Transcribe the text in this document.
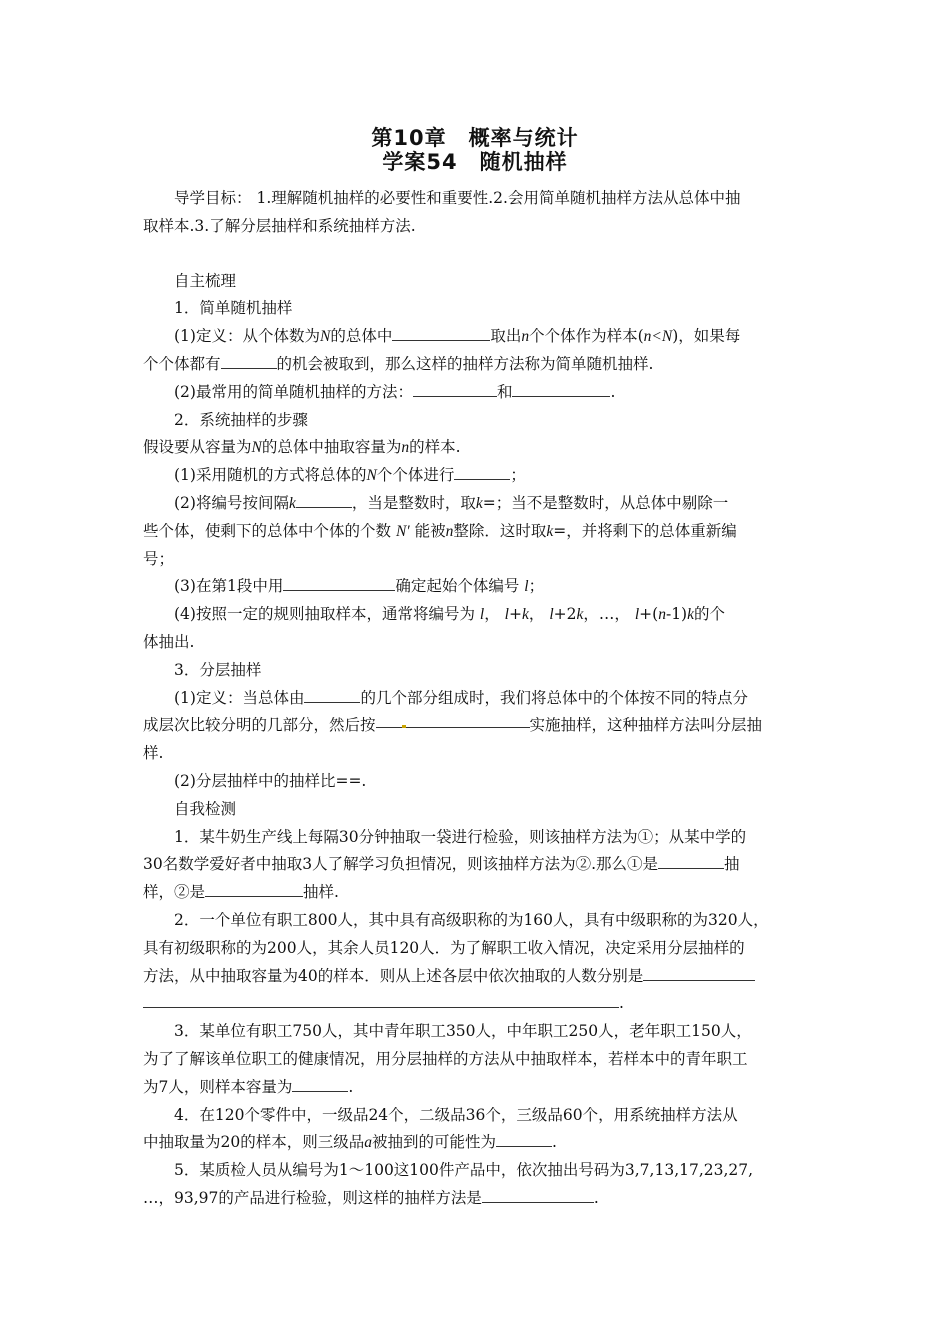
第10章　概率与统计
学案54　随机抽样

导学目标： 1.理解随机抽样的必要性和重要性.2.会用简单随机抽样方法从总体中抽

取样本.3.了解分层抽样和系统抽样方法.

自主梳理

1．简单随机抽样

(1)定义：从个体数为N的总体中	取出n个个体作为样本(n<N)，如果每

个个体都有	的机会被取到，那么这样的抽样方法称为简单随机抽样.

(2)最常用的简单随机抽样的方法：	和	.

2．系统抽样的步骤

假设要从容量为N的总体中抽取容量为n的样本.

(1)采用随机的方式将总体的N个个体进行	；

(2)将编号按间隔k	，当是整数时，取k=；当不是整数时，从总体中剔除一

些个体，使剩下的总体中个体的个数 N′ 能被n整除．这时取k=，并将剩下的总体重新编

号；

(3)在第1段中用	确定起始个体编号 l；

(4)按照一定的规则抽取样本，通常将编号为 l， l+k， l+2k，…， l+(n-1)k的个

体抽出.

3．分层抽样

(1)定义：当总体由	的几个部分组成时，我们将总体中的个体按不同的特点分

成层次比较分明的几部分，然后按	实施抽样，这种抽样方法叫分层抽

样.

(2)分层抽样中的抽样比==.

自我检测

1．某牛奶生产线上每隔30分钟抽取一袋进行检验，则该抽样方法为①；从某中学的

30名数学爱好者中抽取3人了解学习负担情况，则该抽样方法为②.那么①是	抽

样，②是	抽样.

2．一个单位有职工800人，其中具有高级职称的为160人，具有中级职称的为320人，

具有初级职称的为200人，其余人员120人．为了解职工收入情况，决定采用分层抽样的

方法，从中抽取容量为40的样本．则从上述各层中依次抽取的人数分别是

.

3．某单位有职工750人，其中青年职工350人，中年职工250人，老年职工150人，

为了了解该单位职工的健康情况，用分层抽样的方法从中抽取样本，若样本中的青年职工

为7人，则样本容量为	.

4．在120个零件中，一级品24个，二级品36个，三级品60个，用系统抽样方法从

中抽取量为20的样本，则三级品a被抽到的可能性为	.

5．某质检人员从编号为1～100这100件产品中，依次抽出号码为3,7,13,17,23,27,

…，93,97的产品进行检验，则这样的抽样方法是	.
